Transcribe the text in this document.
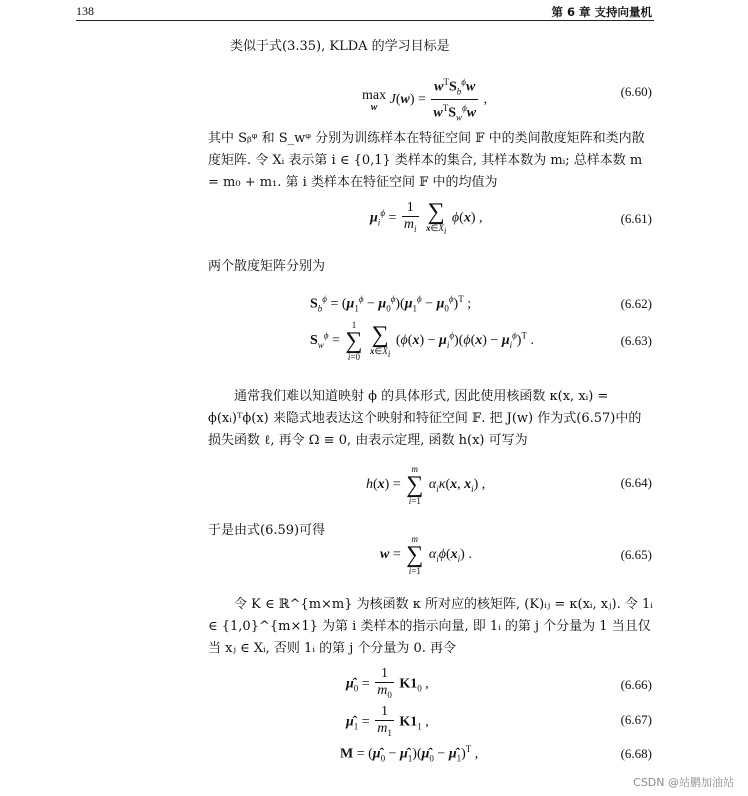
138	第 6 章 支持向量机
类似于式(3.35), KLDA 的学习目标是
max

w
$J(w) = \frac{w^TS_b^\phi w}{w^TS_w^\phi w}$ ,
(6.60)
其中 Sᵦᵠ 和 S_wᵠ 分别为训练样本在特征空间 𝔽 中的类间散度矩阵和类内散度矩阵. 令 Xᵢ 表示第 i ∈ {0,1} 类样本的集合, 其样本数为 mᵢ; 总样本数 m = m₀ + m₁. 第 i 类样本在特征空间 𝔽 中的均值为
$\mu_i^\phi = \frac{1}{m_i}$
∑
$x\in X_i$
ϕ(x) ,	(6.61)
两个散度矩阵分别为
$S_b^\phi = (\mu_1^\phi - \mu_0^\phi)(\mu_1^\phi - \mu_0^\phi)^T$ ;	(6.62)
$S_w^\phi$ =
1
∑
i=0

∑
$x\in X_i$
$(\phi(x) - \mu_i^\phi)(\phi(x) - \mu_i^\phi)^T$ .	(6.63)
通常我们难以知道映射 ϕ 的具体形式, 因此使用核函数 κ(x, xᵢ) = ϕ(xᵢ)ᵀϕ(x) 来隐式地表达这个映射和特征空间 𝔽. 把 J(w) 作为式(6.57)中的损失函数 ℓ, 再令 Ω ≡ 0, 由表示定理, 函数 h(x) 可写为
h(x) =
m
∑
i=1
$\alpha_i\kappa(x$, $x_i$) ,	(6.64)
于是由式(6.59)可得
w =
m
∑
i=1
$\alpha_i\phi(x_i)$ .	(6.65)
令 K ∈ ℝ^{m×m} 为核函数 κ 所对应的核矩阵, (K)ᵢⱼ = κ(xᵢ, xⱼ). 令 1ᵢ ∈ {1,0}^{m×1} 为第 i 类样本的指示向量, 即 1ᵢ 的第 j 个分量为 1 当且仅当 xⱼ ∈ Xᵢ, 否则 1ᵢ 的第 j 个分量为 0. 再令
$\mû_0 = \frac{1}{m_0} K1_0$ ,	(6.66)
$\mû_1 = \frac{1}{m_1} K1_1$ ,	(6.67)
$M = (\mû_0$ − $\mû_1)(\mû_0$ − $\mû_1)^T$ ,	(6.68)
CSDN @站鹏加油站
